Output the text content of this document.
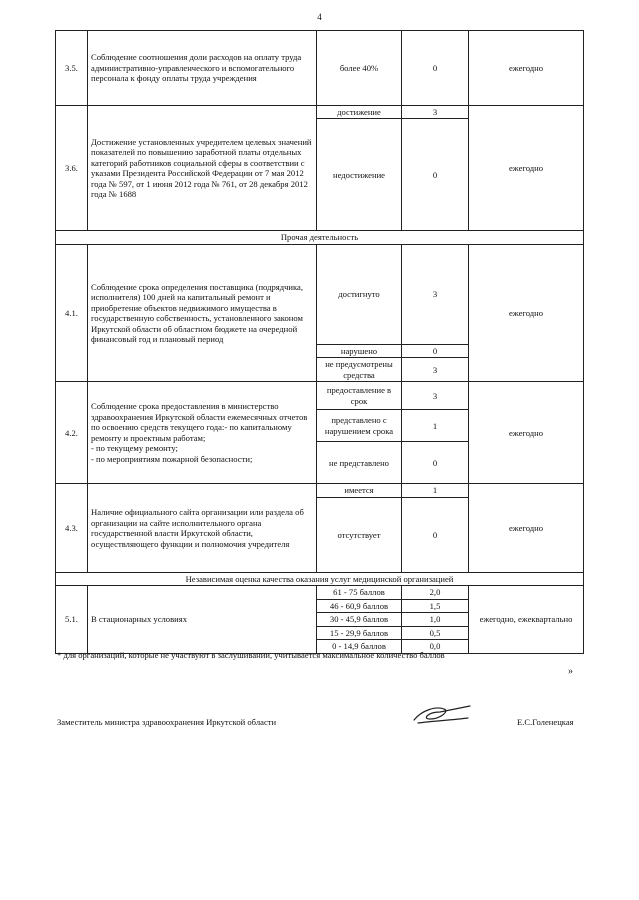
4
3.5.	Соблюдение соотношения доли расходов на оплату труда административно-управленческого и вспомогательного персонала к фонду оплаты труда учреждения	более 40%	0	ежегодно
3.6.	Достижение установленных учредителем целевых значений показателей по повышению заработной платы отдельных категорий работников социальной сферы в соответствии с указами Президента Российской Федерации от 7 мая 2012 года № 597, от 1 июня 2012 года № 761, от 28 декабря 2012 года № 1688	достижение	3	ежегодно
		недостижение	0	
Прочая деятельность				
4.1.	Соблюдение срока определения поставщика (подрядчика, исполнителя) 100 дней на капитальный ремонт и приобретение объектов недвижимого имущества в государственную собственность, установленного законом Иркутской области об областном бюджете на очередной финансовый год и плановый период	достигнуто	3	ежегодно
		нарушено	0	
		не предусмотрены средства	3	
4.2.	Соблюдение срока предоставления в министерство здравоохранения Иркутской области ежемесячных отчетов по освоению средств текущего года:- по капитальному ремонту и проектным работам;
- по текущему ремонту;
- по мероприятиям пожарной безопасности;	предоставление в срок	3	ежегодно
		представлено с нарушением срока	1	
		не представлено	0	
4.3.	Наличие официального сайта организации или раздела об организации на сайте исполнительного органа государственной власти Иркутской области, осуществляющего функции и полномочия учредителя	имеется	1	ежегодно
		отсутствует	0	
Независимая оценка качества оказания услуг медицинской организацией				
5.1.	В стационарных условиях	61 - 75 баллов	2,0	ежегодно, ежеквартально
		46 - 60,9 баллов	1,5	
		30 - 45,9 баллов	1,0	
		15 - 29,9 баллов	0,5	
		0 - 14,9 баллов	0,0	
* для организаций, которые не участвуют в заслушивании, учитывается максимальное количество баллов
»
Заместитель министра здравоохранения Иркутской области	Е.С.Голенецкая
